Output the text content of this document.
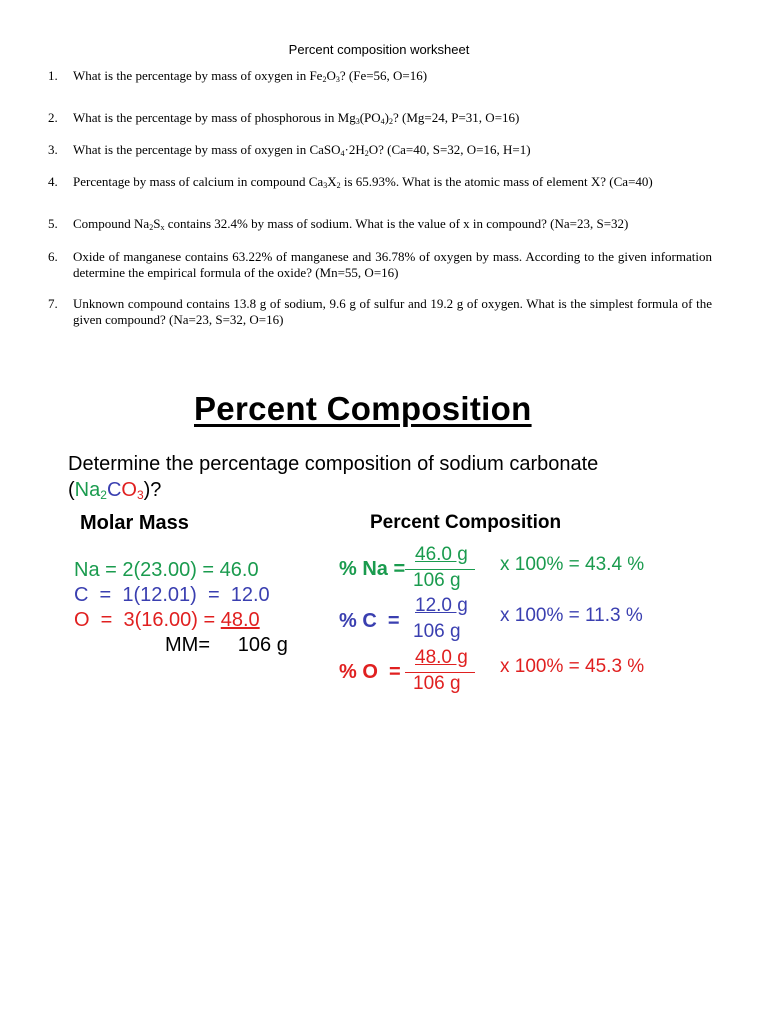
Percent composition worksheet
1. What is the percentage by mass of oxygen in $Fe_2O_3$? (Fe=56, O=16)
2. What is the percentage by mass of phosphorous in $Mg_3(PO_4)_2$? (Mg=24, P=31, O=16)
3. What is the percentage by mass of oxygen in $CaSO_4\cdot 2H_2O$? (Ca=40, S=32, O=16, H=1)
4. Percentage by mass of calcium in compound $Ca_3X_2$ is 65.93%. What is the atomic mass of element X? (Ca=40)
5. Compound $Na_2S_x$ contains 32.4% by mass of sodium. What is the value of x in compound? (Na=23, S=32)
6. Oxide of manganese contains 63.22% of manganese and 36.78% of oxygen by mass. According to the given information determine the empirical formula of the oxide? (Mn=55, O=16)
7. Unknown compound contains 13.8 g of sodium, 9.6 g of sulfur and 19.2 g of oxygen. What is the simplest formula of the given compound? (Na=23, S=32, O=16)
Percent Composition
Determine the percentage composition of sodium carbonate
$(Na_2CO_3)$?
Molar Mass	Percent Composition
Na = 2(23.00) = 46.0
C  =  1(12.01)  =  12.0
O  =  3(16.00) = 48.0
MM=     106 g
% Na =
46.0 g
106 g
x 100% = 43.4 %
% C  =
12.0 g
106 g
x 100% = 11.3 %
% O  =
48.0 g
106 g
x 100% = 45.3 %
